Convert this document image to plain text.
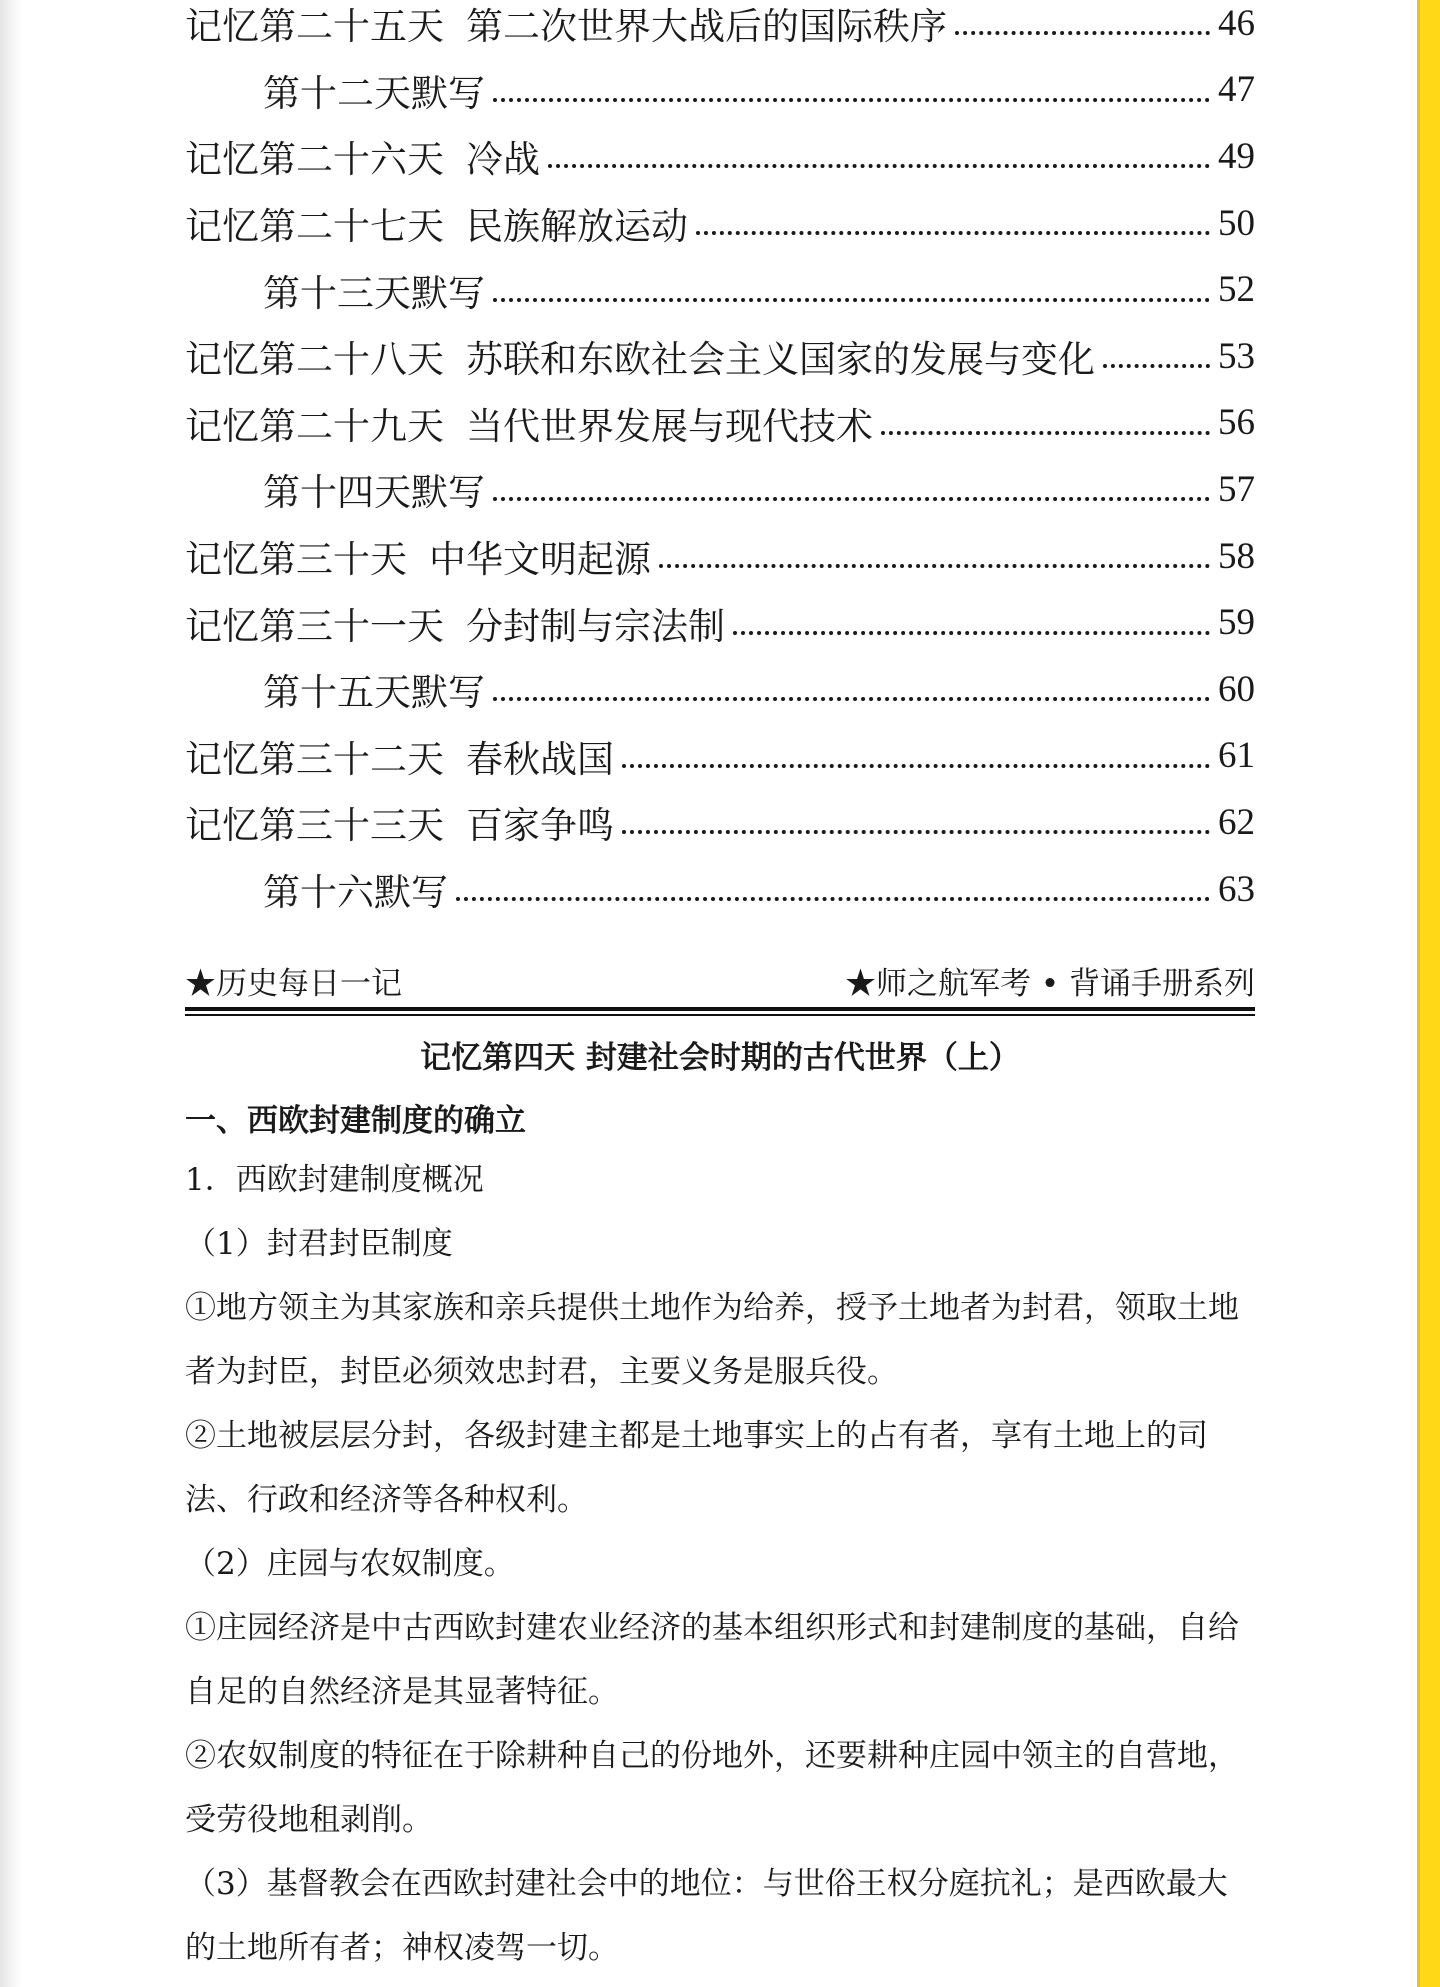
记忆第二十五天 第二次世界大战后的国际秩序	46
第十二天默写	47
记忆第二十六天 冷战	49
记忆第二十七天 民族解放运动	50
第十三天默写	52
记忆第二十八天 苏联和东欧社会主义国家的发展与变化	53
记忆第二十九天 当代世界发展与现代技术	56
第十四天默写	57
记忆第三十天 中华文明起源	58
记忆第三十一天 分封制与宗法制	59
第十五天默写	60
记忆第三十二天 春秋战国	61
记忆第三十三天 百家争鸣	62
第十六默写	63
★历史每日一记	★师之航军考 • 背诵手册系列
记忆第四天 封建社会时期的古代世界（上）
一、西欧封建制度的确立
1．西欧封建制度概况
（1）封君封臣制度
①地方领主为其家族和亲兵提供土地作为给养，授予土地者为封君，领取土地者为封臣，封臣必须效忠封君，主要义务是服兵役。
②土地被层层分封，各级封建主都是土地事实上的占有者，享有土地上的司法、行政和经济等各种权利。
（2）庄园与农奴制度。
①庄园经济是中古西欧封建农业经济的基本组织形式和封建制度的基础，自给自足的自然经济是其显著特征。
②农奴制度的特征在于除耕种自己的份地外，还要耕种庄园中领主的自营地，受劳役地租剥削。
（3）基督教会在西欧封建社会中的地位：与世俗王权分庭抗礼；是西欧最大的土地所有者；神权凌驾一切。
